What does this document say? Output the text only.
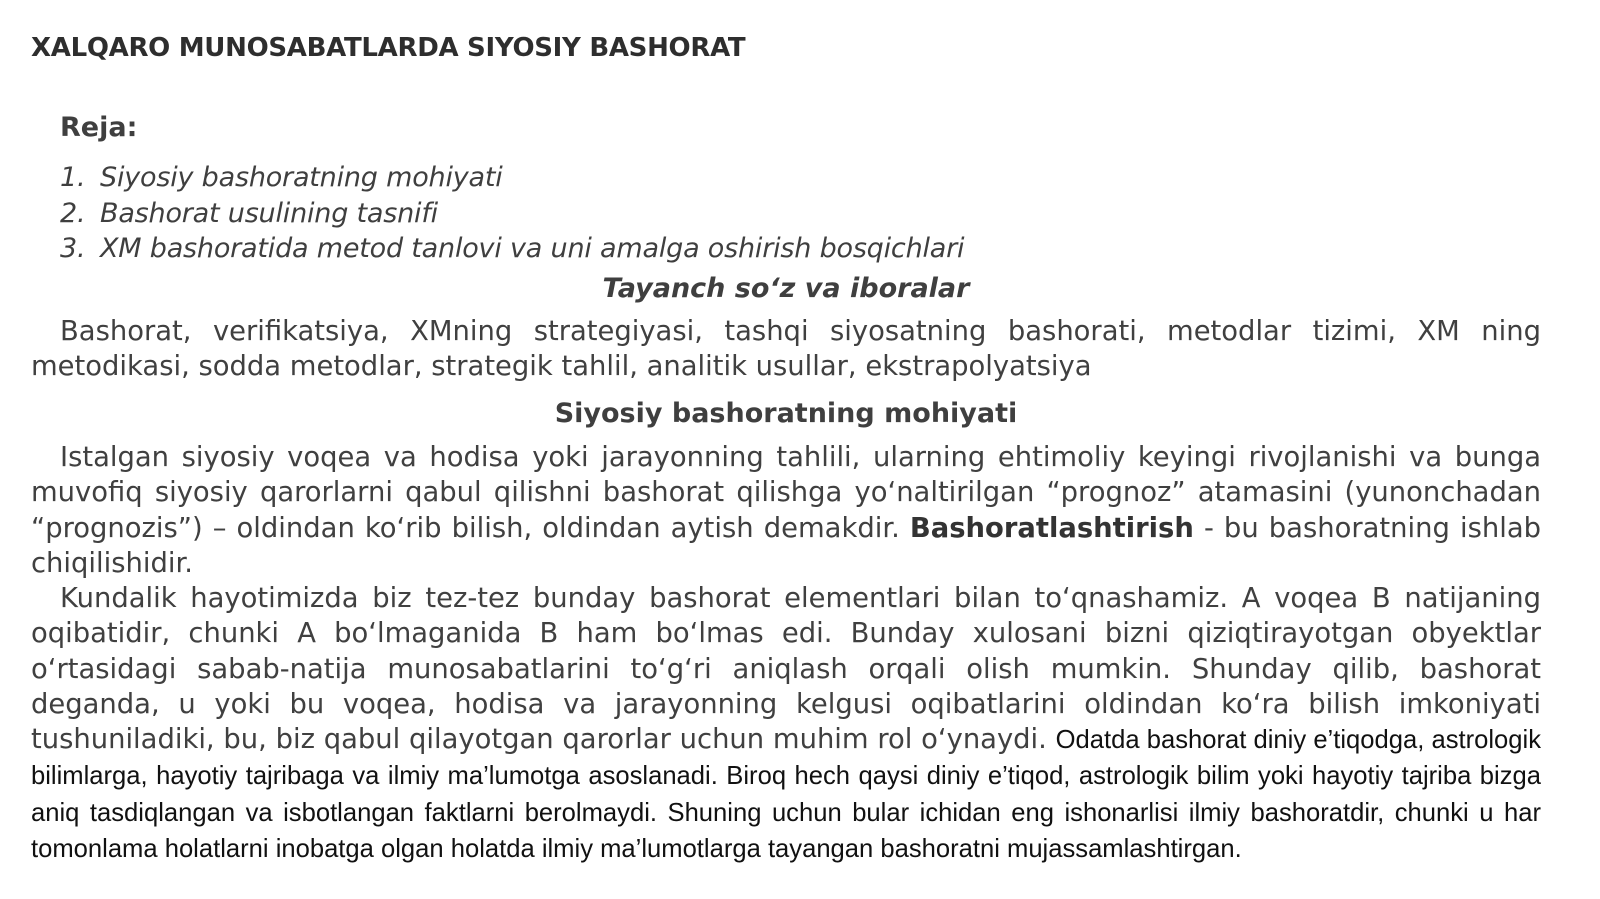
XALQARO MUNOSABATLARDA SIYOSIY BASHORAT
Reja:
1. Siyosiy bashoratning mohiyati
2. Bashorat usulining tasnifi
3. XM bashoratida metod tanlovi va uni amalga oshirish bosqichlari
Tayanch so‘z va iboralar

Bashorat, verifikatsiya, XMning strategiyasi, tashqi siyosatning bashorati, metodlar tizimi, XM ning metodikasi, sodda metodlar, strategik tahlil, analitik usullar, ekstrapolyatsiya

Siyosiy bashoratning mohiyati

Istalgan siyosiy voqea va hodisa yoki jarayonning tahlili, ularning ehtimoliy keyingi rivojlanishi va bunga muvofiq siyosiy qarorlarni qabul qilishni bashorat qilishga yo‘naltirilgan “prognoz” atamasini (yunonchadan “prognozis”) – oldindan ko‘rib bilish, oldindan aytish demakdir. Bashoratlashtirish - bu bashoratning ishlab chiqilishidir.

Kundalik hayotimizda biz tez-tez bunday bashorat elementlari bilan to‘qnashamiz. A voqea B natijaning oqibatidir, chunki A bo‘lmaganida B ham bo‘lmas edi. Bunday xulosani bizni qiziqtirayotgan obyektlar o‘rtasidagi sabab-natija munosabatlarini to‘g‘ri aniqlash orqali olish mumkin. Shunday qilib, bashorat deganda, u yoki bu voqea, hodisa va jarayonning kelgusi oqibatlarini oldindan ko‘ra bilish imkoniyati tushuniladiki, bu, biz qabul qilayotgan qarorlar uchun muhim rol o‘ynaydi. Odatda bashorat diniy e’tiqodga, astrologik bilimlarga, hayotiy tajribaga va ilmiy ma’lumotga asoslanadi. Biroq hech qaysi diniy e’tiqod, astrologik bilim yoki hayotiy tajriba bizga aniq tasdiqlangan va isbotlangan faktlarni berolmaydi. Shuning uchun bular ichidan eng ishonarlisi ilmiy bashoratdir, chunki u har tomonlama holatlarni inobatga olgan holatda ilmiy ma’lumotlarga tayangan bashoratni mujassamlashtirgan.
